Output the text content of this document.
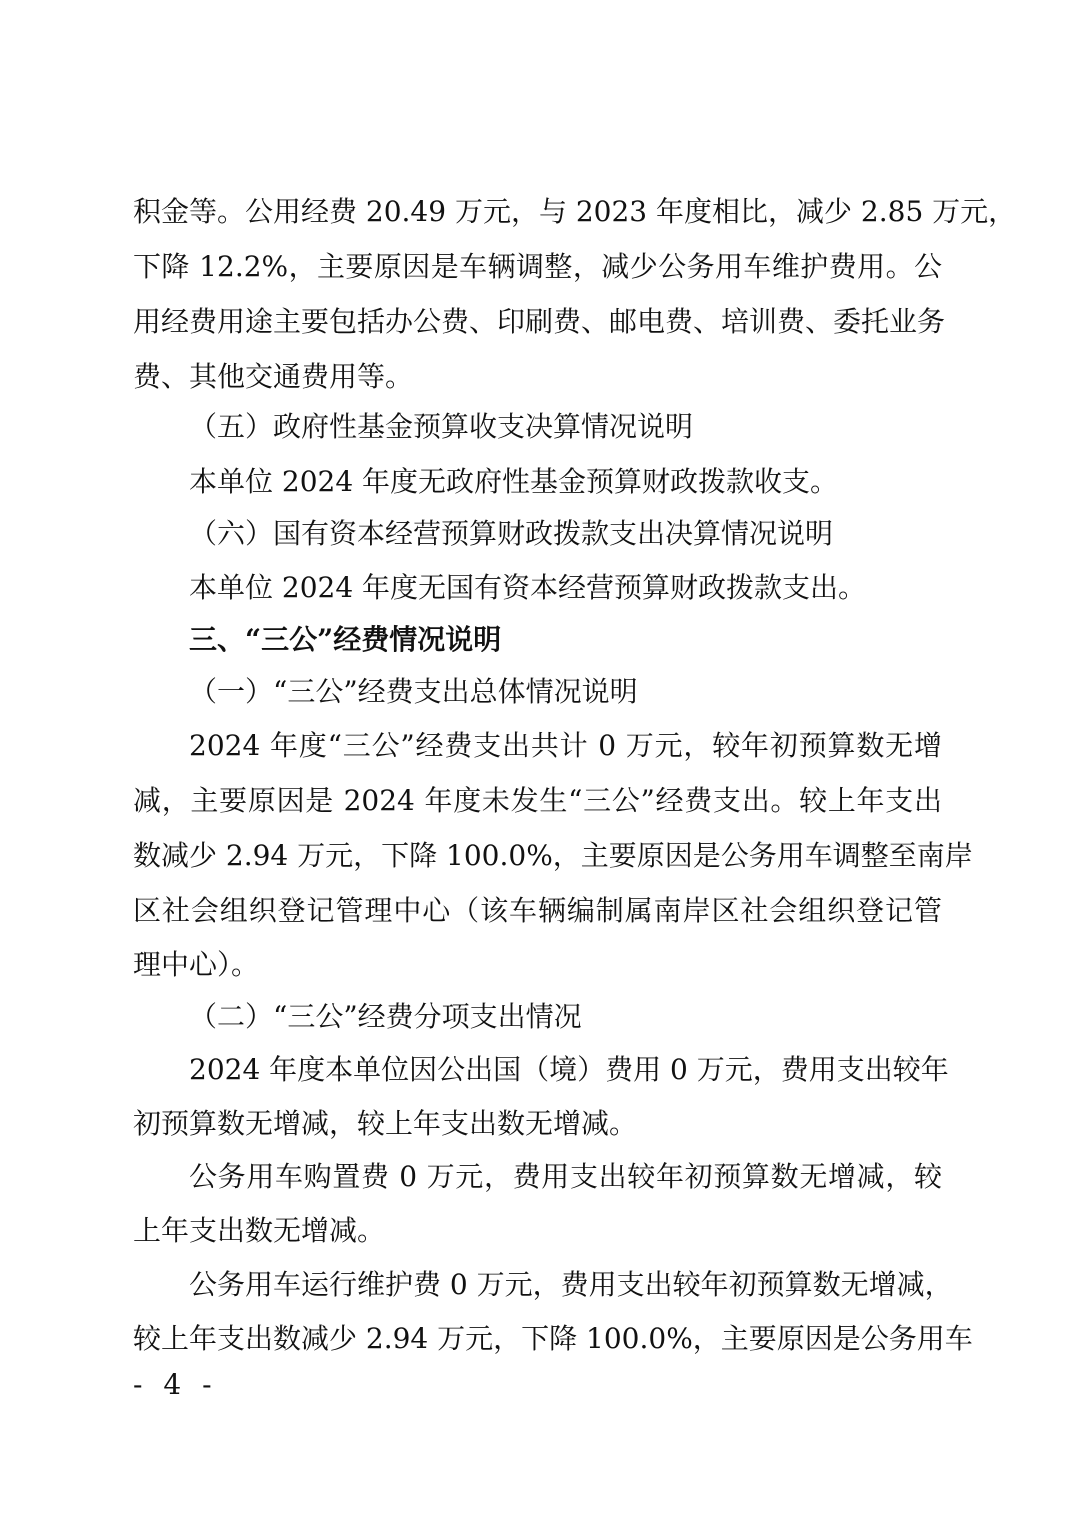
积金等。公用经费 20.49 万元，与 2023 年度相比，减少 2.85 万元，
下降 12.2%，主要原因是车辆调整，减少公务用车维护费用。公
用经费用途主要包括办公费、印刷费、邮电费、培训费、委托业务
费、其他交通费用等。
（五）政府性基金预算收支决算情况说明
本单位 2024 年度无政府性基金预算财政拨款收支。
（六）国有资本经营预算财政拨款支出决算情况说明
本单位 2024 年度无国有资本经营预算财政拨款支出。
三、“三公”经费情况说明
（一）“三公”经费支出总体情况说明
2024 年度“三公”经费支出共计 0 万元，较年初预算数无增
减，主要原因是 2024 年度未发生“三公”经费支出。较上年支出
数减少 2.94 万元，下降 100.0%，主要原因是公务用车调整至南岸
区社会组织登记管理中心（该车辆编制属南岸区社会组织登记管
理中心）。
（二）“三公”经费分项支出情况
2024 年度本单位因公出国（境）费用 0 万元，费用支出较年
初预算数无增减，较上年支出数无增减。
公务用车购置费 0 万元，费用支出较年初预算数无增减，较
上年支出数无增减。
公务用车运行维护费 0 万元，费用支出较年初预算数无增减，
较上年支出数减少 2.94 万元，下降 100.0%，主要原因是公务用车
- 4 -
